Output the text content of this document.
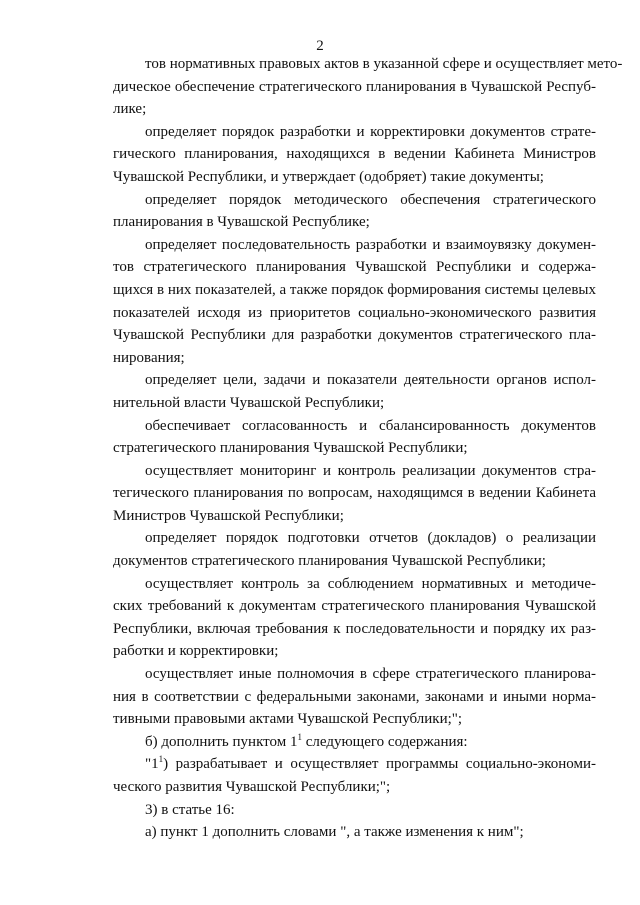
2
тов нормативных правовых актов в указанной сфере и осуществляет мето-
дическое обеспечение стратегического планирования в Чувашской Респуб-
лике;
определяет порядок разработки и корректировки документов страте-
гического планирования, находящихся в ведении Кабинета Министров
Чувашской Республики, и утверждает (одобряет) такие документы;
определяет порядок методического обеспечения стратегического
планирования в Чувашской Республике;
определяет последовательность разработки и взаимоувязку докумен-
тов стратегического планирования Чувашской Республики и содержа-
щихся в них показателей, а также порядок формирования системы целевых
показателей исходя из приоритетов социально-экономического развития
Чувашской Республики для разработки документов стратегического пла-
нирования;
определяет цели, задачи и показатели деятельности органов испол-
нительной власти Чувашской Республики;
обеспечивает согласованность и сбалансированность документов
стратегического планирования Чувашской Республики;
осуществляет мониторинг и контроль реализации документов стра-
тегического планирования по вопросам, находящимся в ведении Кабинета
Министров Чувашской Республики;
определяет порядок подготовки отчетов (докладов) о реализации
документов стратегического планирования Чувашской Республики;
осуществляет контроль за соблюдением нормативных и методиче-
ских требований к документам стратегического планирования Чувашской
Республики, включая требования к последовательности и порядку их раз-
работки и корректировки;
осуществляет иные полномочия в сфере стратегического планирова-
ния в соответствии с федеральными законами, законами и иными норма-
тивными правовыми актами Чувашской Республики;";
б) дополнить пунктом $1^1$ следующего содержания:
"$1^1$) разрабатывает и осуществляет программы социально-экономи-
ческого развития Чувашской Республики;";
3) в статье 16:
а) пункт 1 дополнить словами ", а также изменения к ним";
